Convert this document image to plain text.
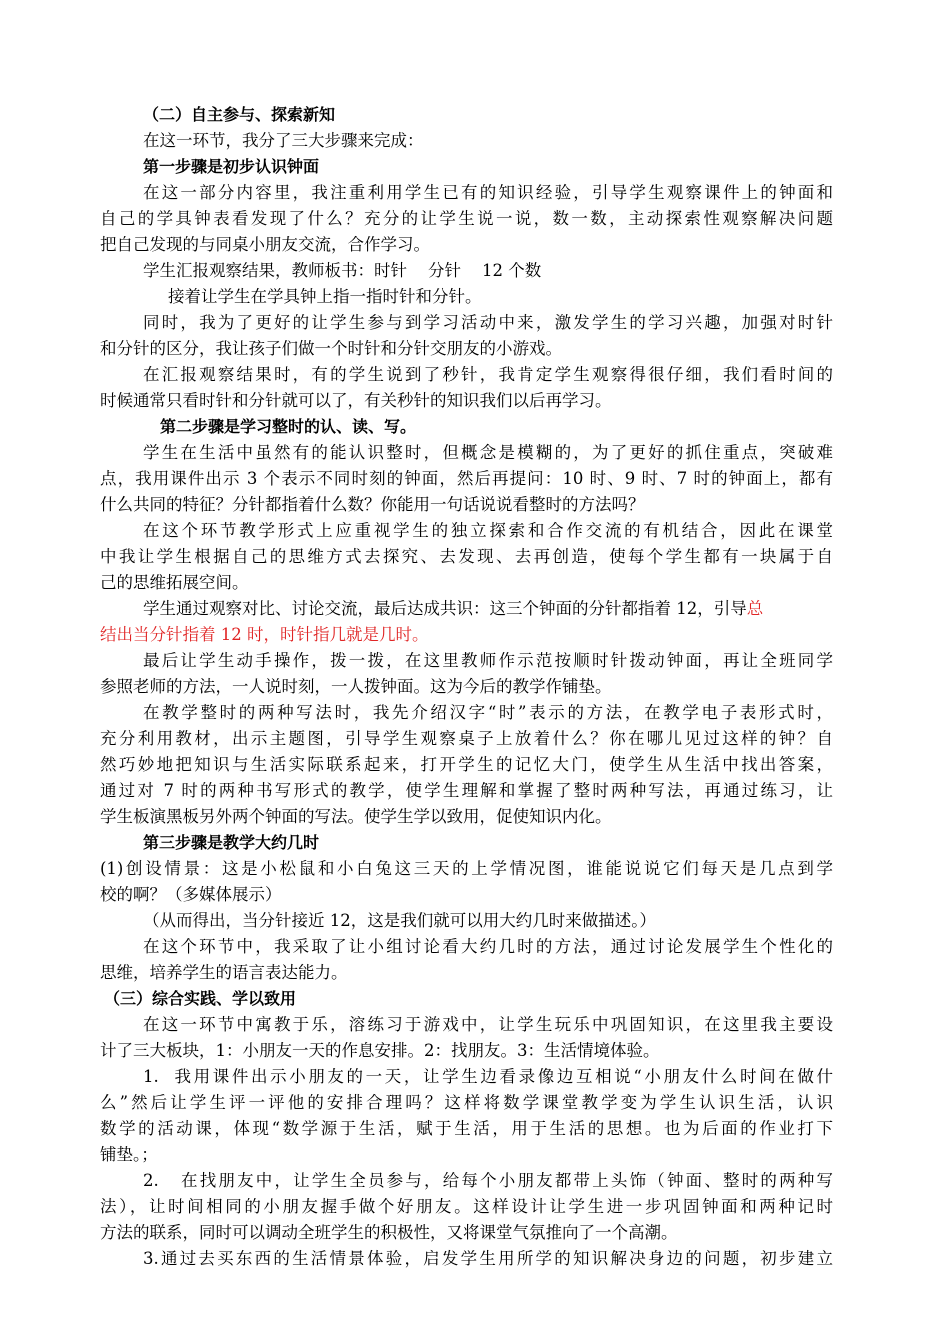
（二）自主参与、探索新知
在这一环节，我分了三大步骤来完成：
第一步骤是初步认识钟面
在这一部分内容里，我注重利用学生已有的知识经验，引导学生观察课件上的钟面和
自己的学具钟表看发现了什么？充分的让学生说一说，数一数，主动探索性观察解决问题
把自己发现的与同桌小朋友交流，合作学习。
学生汇报观察结果，教师板书：时针    分针    12 个数
接着让学生在学具钟上指一指时针和分针。
同时，我为了更好的让学生参与到学习活动中来，激发学生的学习兴趣，加强对时针
和分针的区分，我让孩子们做一个时针和分针交朋友的小游戏。
在汇报观察结果时，有的学生说到了秒针，我肯定学生观察得很仔细，我们看时间的
时候通常只看时针和分针就可以了，有关秒针的知识我们以后再学习。
第二步骤是学习整时的认、读、写。
学生在生活中虽然有的能认识整时，但概念是模糊的，为了更好的抓住重点，突破难
点，我用课件出示 3 个表示不同时刻的钟面，然后再提问：10 时、9 时、7 时的钟面上，都有
什么共同的特征？分针都指着什么数？你能用一句话说说看整时的方法吗？
在这个环节教学形式上应重视学生的独立探索和合作交流的有机结合，因此在课堂
中我让学生根据自己的思维方式去探究、去发现、去再创造，使每个学生都有一块属于自
己的思维拓展空间。
学生通过观察对比、讨论交流，最后达成共识：这三个钟面的分针都指着 12，引导总
结出当分针指着 12 时，时针指几就是几时。
最后让学生动手操作，拨一拨，在这里教师作示范按顺时针拨动钟面，再让全班同学
参照老师的方法，一人说时刻，一人拨钟面。这为今后的教学作铺垫。
在教学整时的两种写法时，我先介绍汉字“时”表示的方法，在教学电子表形式时，
充分利用教材，出示主题图，引导学生观察桌子上放着什么？你在哪儿见过这样的钟？自
然巧妙地把知识与生活实际联系起来，打开学生的记忆大门，使学生从生活中找出答案，
通过对 7 时的两种书写形式的教学，使学生理解和掌握了整时两种写法，再通过练习，让
学生板演黑板另外两个钟面的写法。使学生学以致用，促使知识内化。
第三步骤是教学大约几时
(1)创设情景：这是小松鼠和小白兔这三天的上学情况图，谁能说说它们每天是几点到学
校的啊？（多媒体展示）
（从而得出，当分针接近 12，这是我们就可以用大约几时来做描述。）
在这个环节中，我采取了让小组讨论看大约几时的方法，通过讨论发展学生个性化的
思维，培养学生的语言表达能力。
（三）综合实践、学以致用
在这一环节中寓教于乐，溶练习于游戏中，让学生玩乐中巩固知识，在这里我主要设
计了三大板块，1：小朋友一天的作息安排。2：找朋友。3：生活情境体验。
1.  我用课件出示小朋友的一天，让学生边看录像边互相说“小朋友什么时间在做什
么”然后让学生评一评他的安排合理吗？这样将数学课堂教学变为学生认识生活，认识
数学的活动课，体现“数学源于生活，赋于生活，用于生活的思想。也为后面的作业打下
铺垫。；
2.   在找朋友中，让学生全员参与，给每个小朋友都带上头饰（钟面、整时的两种写
法），让时间相同的小朋友握手做个好朋友。这样设计让学生进一步巩固钟面和两种记时
方法的联系，同时可以调动全班学生的积极性，又将课堂气氛推向了一个高潮。
3.通过去买东西的生活情景体验，启发学生用所学的知识解决身边的问题，初步建立
